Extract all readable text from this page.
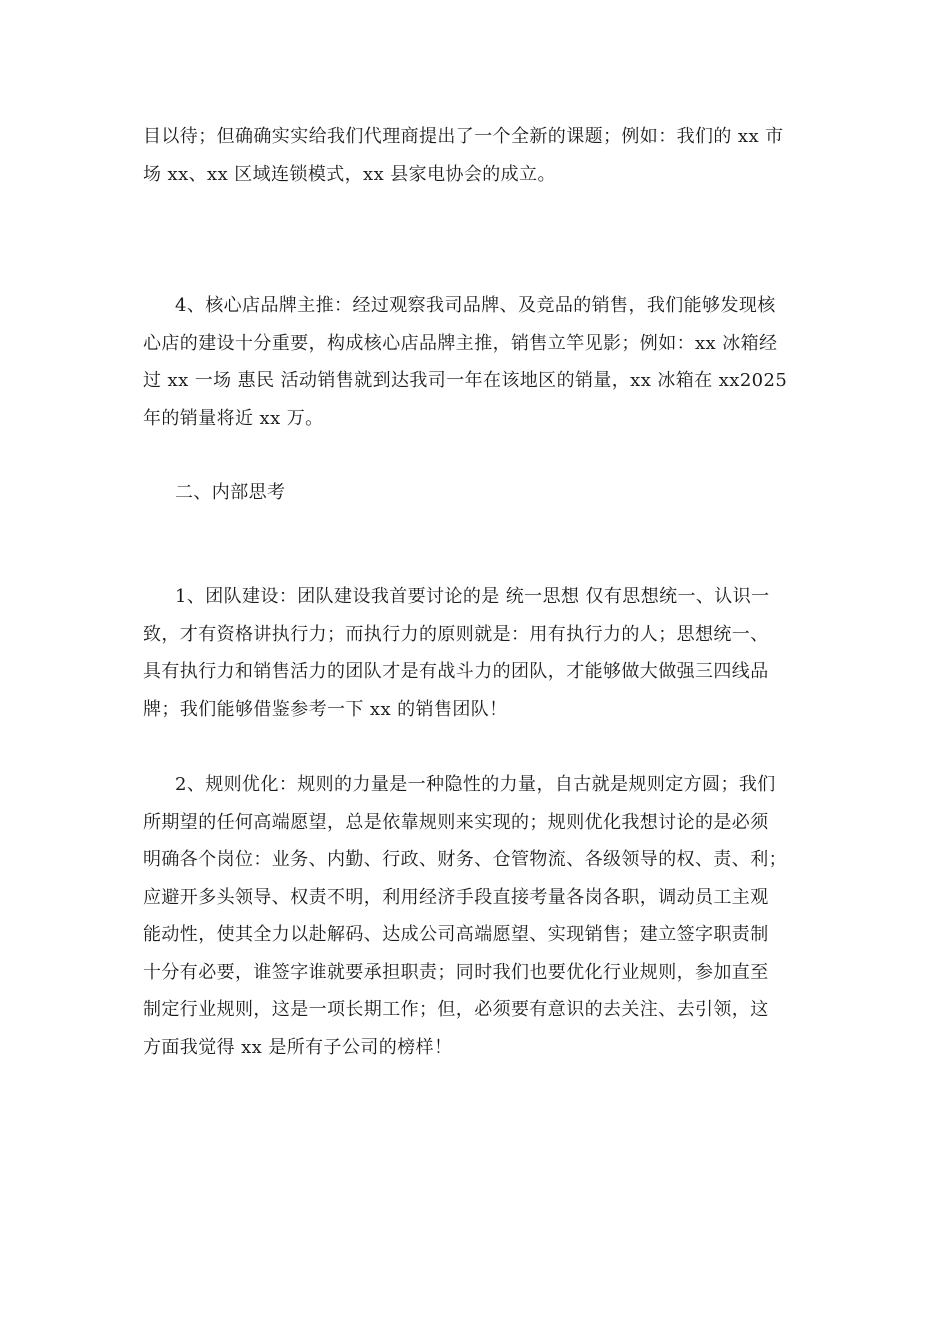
目以待；但确确实实给我们代理商提出了一个全新的课题；例如：我们的 xx 市
场 xx、xx 区域连锁模式，xx 县家电协会的成立。
4、核心店品牌主推：经过观察我司品牌、及竞品的销售，我们能够发现核
心店的建设十分重要，构成核心店品牌主推，销售立竿见影；例如：xx 冰箱经
过 xx 一场 惠民 活动销售就到达我司一年在该地区的销量，xx 冰箱在 xx2025
年的销量将近 xx 万。
二、内部思考
1、团队建设：团队建设我首要讨论的是 统一思想 仅有思想统一、认识一
致，才有资格讲执行力；而执行力的原则就是：用有执行力的人；思想统一、
具有执行力和销售活力的团队才是有战斗力的团队，才能够做大做强三四线品
牌；我们能够借鉴参考一下 xx 的销售团队！
2、规则优化：规则的力量是一种隐性的力量，自古就是规则定方圆；我们
所期望的任何高端愿望，总是依靠规则来实现的；规则优化我想讨论的是必须
明确各个岗位：业务、内勤、行政、财务、仓管物流、各级领导的权、责、利；
应避开多头领导、权责不明，利用经济手段直接考量各岗各职，调动员工主观
能动性，使其全力以赴解码、达成公司高端愿望、实现销售；建立签字职责制
十分有必要，谁签字谁就要承担职责；同时我们也要优化行业规则，参加直至
制定行业规则，这是一项长期工作；但，必须要有意识的去关注、去引领，这
方面我觉得 xx 是所有子公司的榜样！
